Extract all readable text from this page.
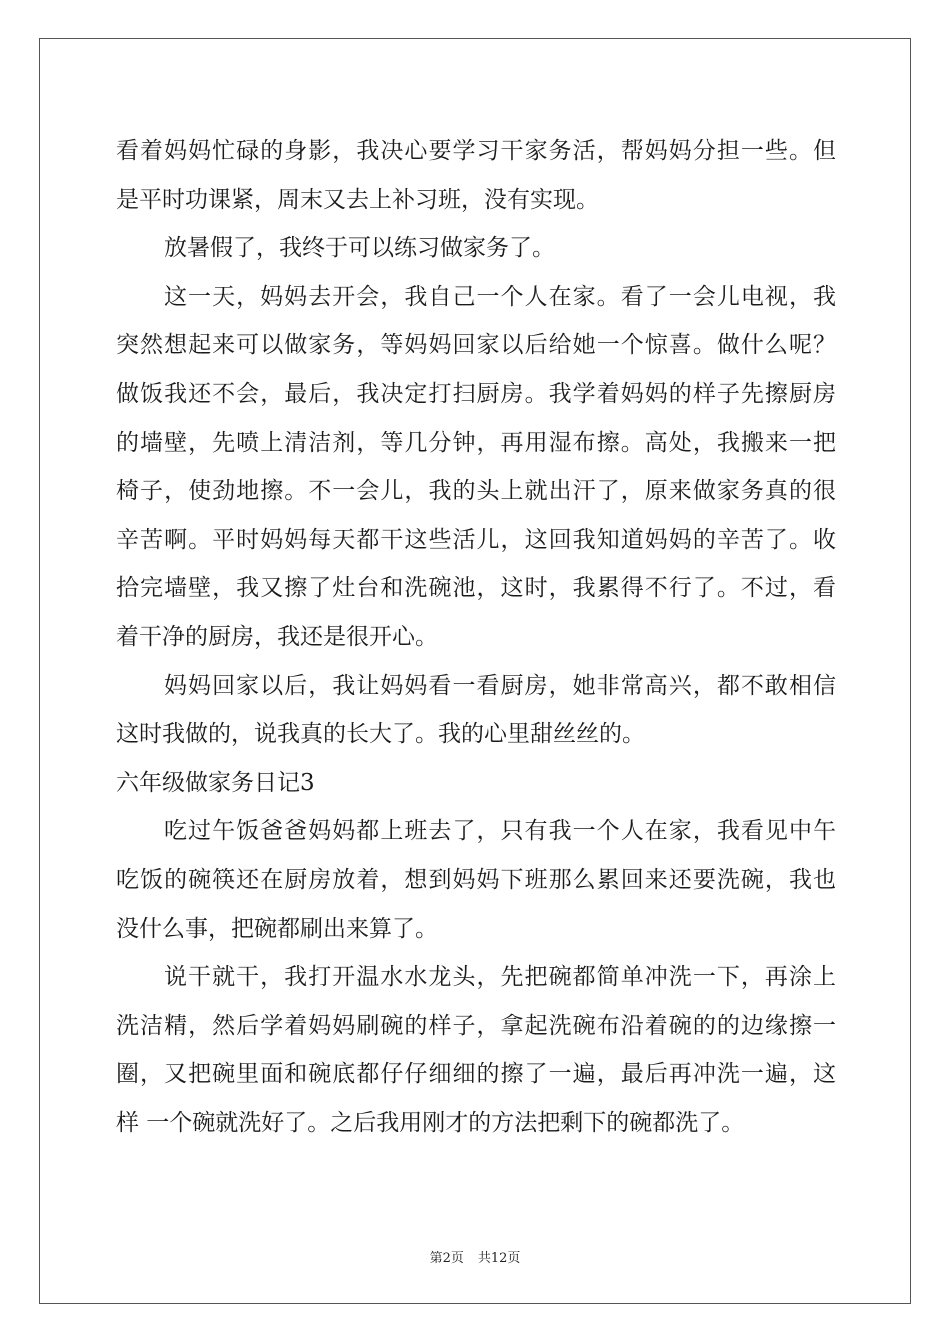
看着妈妈忙碌的身影，我决心要学习干家务活，帮妈妈分担一些。但
是平时功课紧，周末又去上补习班，没有实现。
放暑假了，我终于可以练习做家务了。
这一天，妈妈去开会，我自己一个人在家。看了一会儿电视，我
突然想起来可以做家务，等妈妈回家以后给她一个惊喜。做什么呢？
做饭我还不会，最后，我决定打扫厨房。我学着妈妈的样子先擦厨房
的墙壁，先喷上清洁剂，等几分钟，再用湿布擦。高处，我搬来一把
椅子，使劲地擦。不一会儿，我的头上就出汗了，原来做家务真的很
辛苦啊。平时妈妈每天都干这些活儿，这回我知道妈妈的辛苦了。收
拾完墙壁，我又擦了灶台和洗碗池，这时，我累得不行了。不过，看
着干净的厨房，我还是很开心。
妈妈回家以后，我让妈妈看一看厨房，她非常高兴，都不敢相信
这时我做的，说我真的长大了。我的心里甜丝丝的。
六年级做家务日记3
吃过午饭爸爸妈妈都上班去了，只有我一个人在家，我看见中午
吃饭的碗筷还在厨房放着，想到妈妈下班那么累回来还要洗碗，我也
没什么事，把碗都刷出来算了。
说干就干，我打开温水水龙头，先把碗都简单冲洗一下，再涂上
洗洁精，然后学着妈妈刷碗的样子，拿起洗碗布沿着碗的的边缘擦一
圈，又把碗里面和碗底都仔仔细细的擦了一遍，最后再冲洗一遍，这
样 一个碗就洗好了。之后我用刚才的方法把剩下的碗都洗了。
第2页 共12页
